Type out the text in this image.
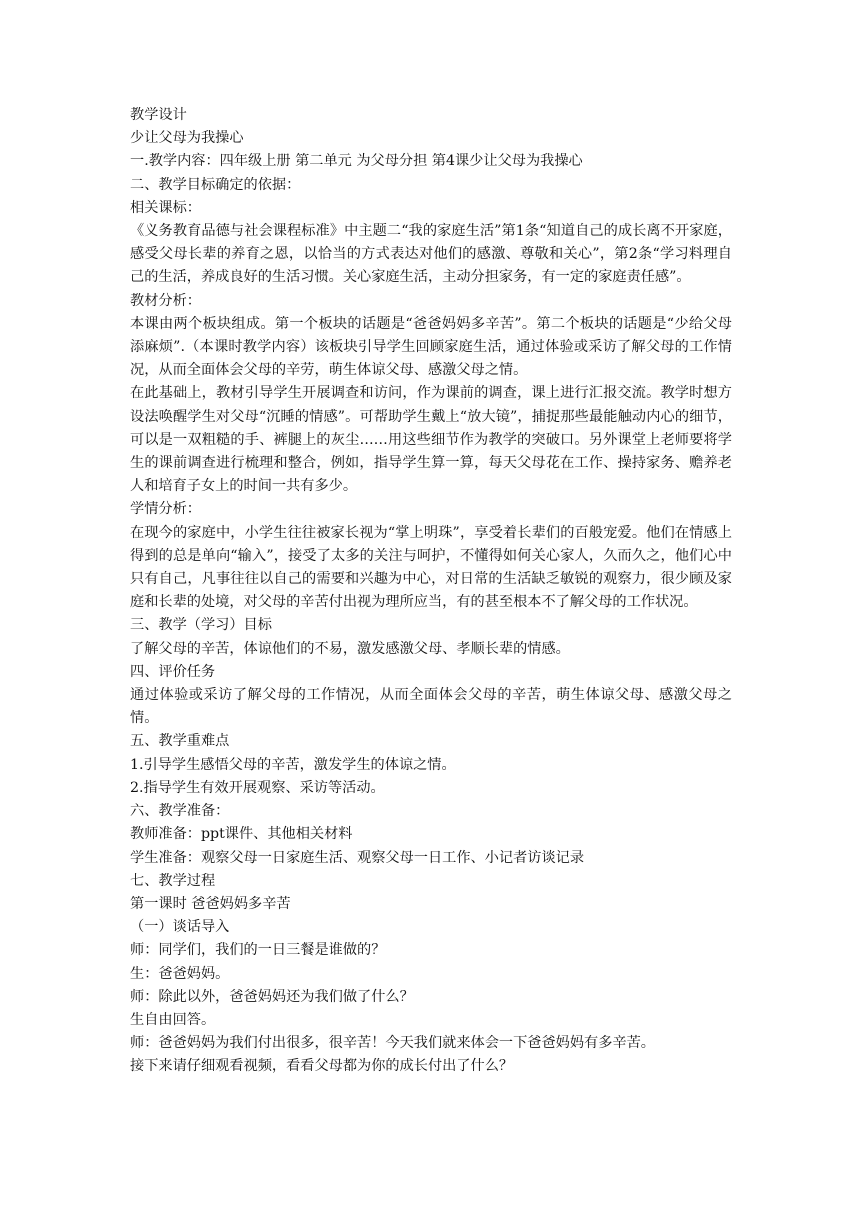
教学设计
少让父母为我操心
一.教学内容：四年级上册 第二单元 为父母分担 第4课少让父母为我操心
二、教学目标确定的依据：
相关课标：
《义务教育品德与社会课程标准》中主题二“我的家庭生活”第1条“知道自己的成长离不开家庭，感受父母长辈的养育之恩，以恰当的方式表达对他们的感激、尊敬和关心”，第2条“学习料理自己的生活，养成良好的生活习惯。关心家庭生活，主动分担家务，有一定的家庭责任感”。
教材分析：
本课由两个板块组成。第一个板块的话题是“爸爸妈妈多辛苦”。第二个板块的话题是“少给父母添麻烦”.（本课时教学内容）该板块引导学生回顾家庭生活，通过体验或采访了解父母的工作情况，从而全面体会父母的辛劳，萌生体谅父母、感激父母之情。
在此基础上，教材引导学生开展调查和访问，作为课前的调查，课上进行汇报交流。教学时想方设法唤醒学生对父母“沉睡的情感”。可帮助学生戴上“放大镜”，捕捉那些最能触动内心的细节，可以是一双粗糙的手、裤腿上的灰尘……用这些细节作为教学的突破口。另外课堂上老师要将学生的课前调查进行梳理和整合，例如，指导学生算一算，每天父母花在工作、操持家务、赡养老人和培育子女上的时间一共有多少。
学情分析：
在现今的家庭中，小学生往往被家长视为“掌上明珠”，享受着长辈们的百般宠爱。他们在情感上得到的总是单向“输入”，接受了太多的关注与呵护，不懂得如何关心家人，久而久之，他们心中只有自己，凡事往往以自己的需要和兴趣为中心，对日常的生活缺乏敏锐的观察力，很少顾及家庭和长辈的处境，对父母的辛苦付出视为理所应当，有的甚至根本不了解父母的工作状况。
三、教学（学习）目标
了解父母的辛苦，体谅他们的不易，激发感激父母、孝顺长辈的情感。
四、评价任务
通过体验或采访了解父母的工作情况，从而全面体会父母的辛苦，萌生体谅父母、感激父母之情。
五、教学重难点
1.引导学生感悟父母的辛苦，激发学生的体谅之情。
2.指导学生有效开展观察、采访等活动。
六、教学准备：
教师准备：ppt课件、其他相关材料
学生准备：观察父母一日家庭生活、观察父母一日工作、小记者访谈记录
七、教学过程
第一课时 爸爸妈妈多辛苦
（一）谈话导入
师：同学们，我们的一日三餐是谁做的？
生：爸爸妈妈。
师：除此以外，爸爸妈妈还为我们做了什么？
生自由回答。
师：爸爸妈妈为我们付出很多，很辛苦！今天我们就来体会一下爸爸妈妈有多辛苦。
接下来请仔细观看视频，看看父母都为你的成长付出了什么？
